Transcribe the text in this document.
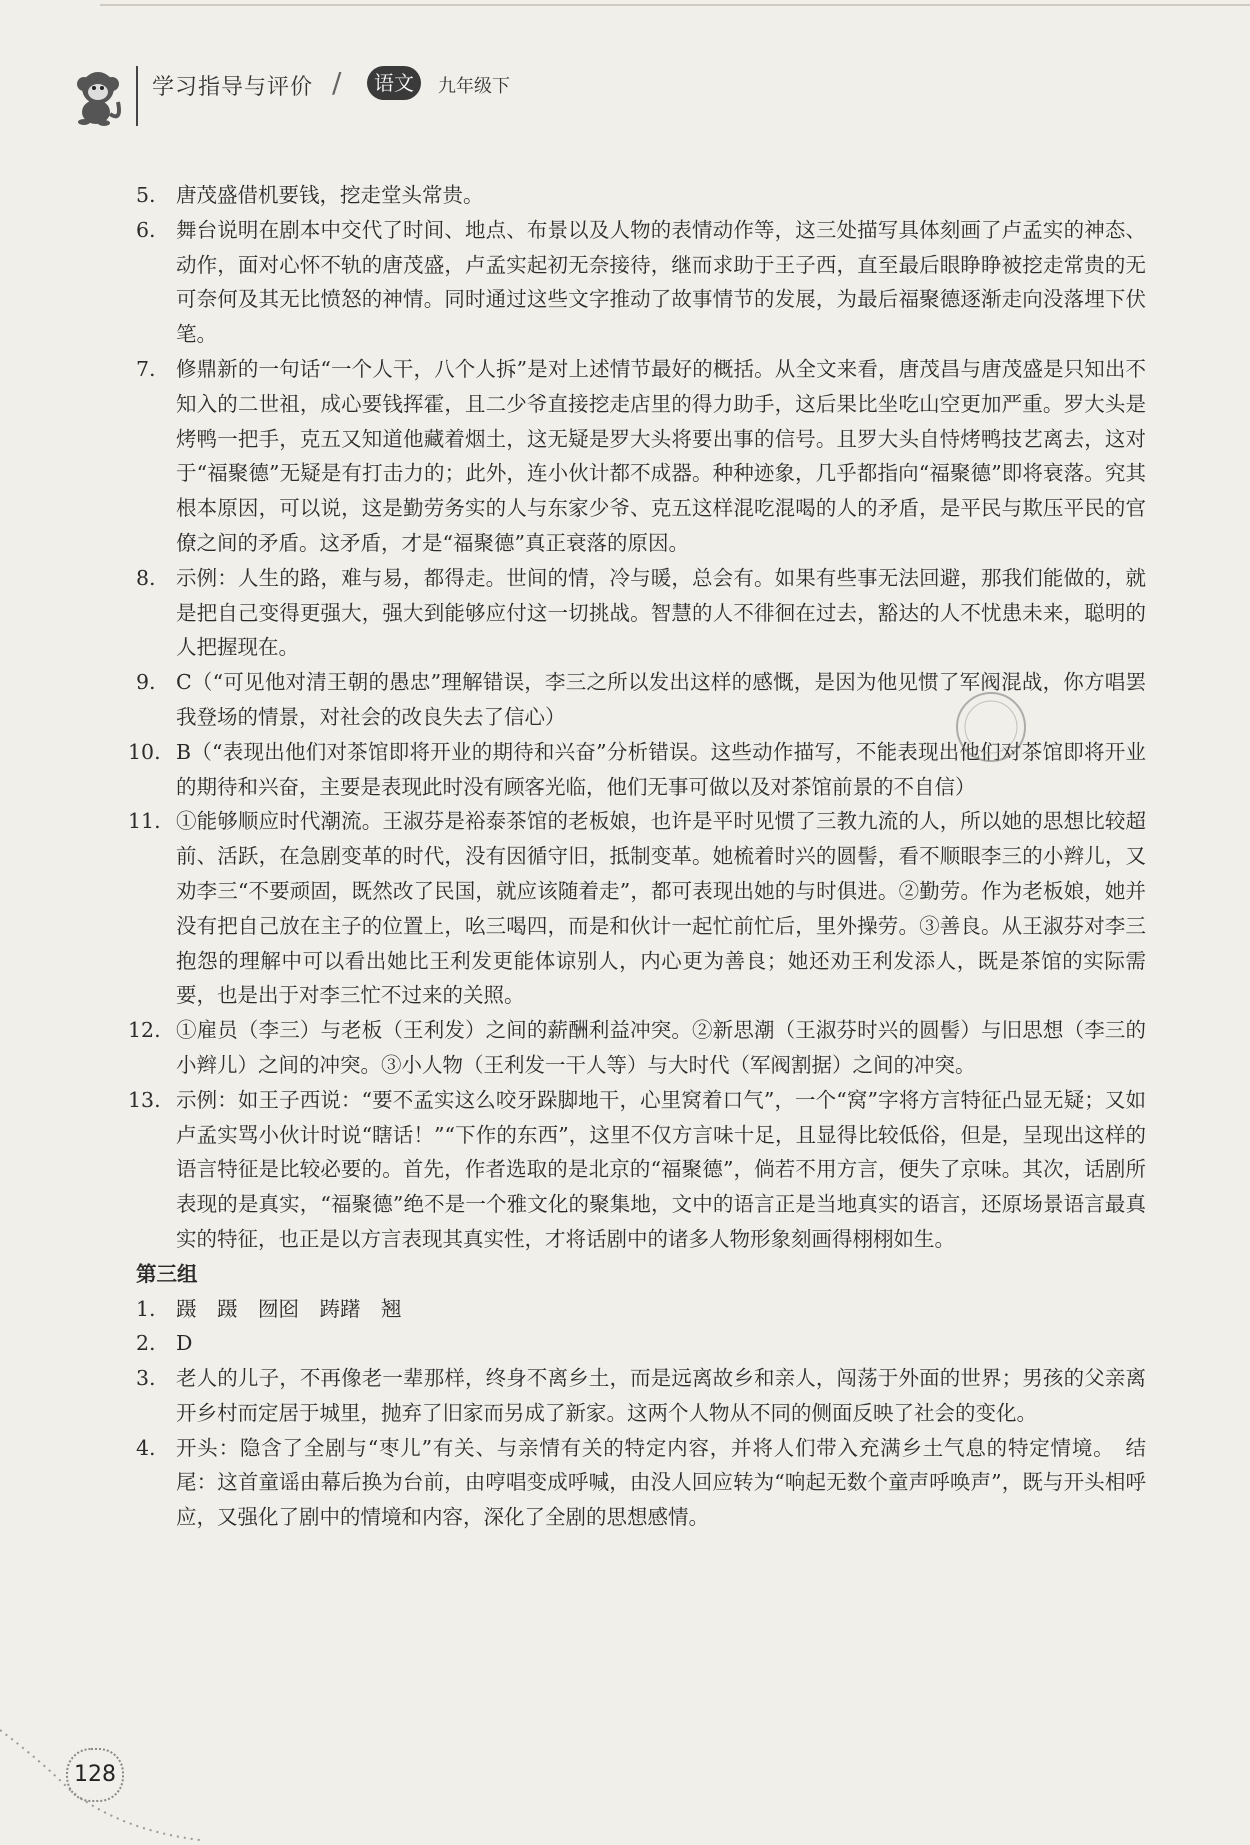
学习指导与评价 /	语文	九年级下

5. 唐茂盛借机要钱，挖走堂头常贵。

6. 舞台说明在剧本中交代了时间、地点、布景以及人物的表情动作等，这三处描写具体刻画了卢孟实的神态、动作，面对心怀不轨的唐茂盛，卢孟实起初无奈接待，继而求助于王子西，直至最后眼睁睁被挖走常贵的无可奈何及其无比愤怒的神情。同时通过这些文字推动了故事情节的发展，为最后福聚德逐渐走向没落埋下伏笔。

7. 修鼎新的一句话“一个人干，八个人拆”是对上述情节最好的概括。从全文来看，唐茂昌与唐茂盛是只知出不知入的二世祖，成心要钱挥霍，且二少爷直接挖走店里的得力助手，这后果比坐吃山空更加严重。罗大头是烤鸭一把手，克五又知道他藏着烟土，这无疑是罗大头将要出事的信号。且罗大头自恃烤鸭技艺离去，这对于“福聚德”无疑是有打击力的；此外，连小伙计都不成器。种种迹象，几乎都指向“福聚德”即将衰落。究其根本原因，可以说，这是勤劳务实的人与东家少爷、克五这样混吃混喝的人的矛盾，是平民与欺压平民的官僚之间的矛盾。这矛盾，才是“福聚德”真正衰落的原因。

8. 示例：人生的路，难与易，都得走。世间的情，冷与暖，总会有。如果有些事无法回避，那我们能做的，就是把自己变得更强大，强大到能够应付这一切挑战。智慧的人不徘徊在过去，豁达的人不忧患未来，聪明的人把握现在。

9. C（“可见他对清王朝的愚忠”理解错误，李三之所以发出这样的感慨，是因为他见惯了军阀混战，你方唱罢我登场的情景，对社会的改良失去了信心）

10. B（“表现出他们对茶馆即将开业的期待和兴奋”分析错误。这些动作描写，不能表现出他们对茶馆即将开业的期待和兴奋，主要是表现此时没有顾客光临，他们无事可做以及对茶馆前景的不自信）

11. ①能够顺应时代潮流。王淑芬是裕泰茶馆的老板娘，也许是平时见惯了三教九流的人，所以她的思想比较超前、活跃，在急剧变革的时代，没有因循守旧，抵制变革。她梳着时兴的圆髻，看不顺眼李三的小辫儿，又劝李三“不要顽固，既然改了民国，就应该随着走”，都可表现出她的与时俱进。②勤劳。作为老板娘，她并没有把自己放在主子的位置上，吆三喝四，而是和伙计一起忙前忙后，里外操劳。③善良。从王淑芬对李三抱怨的理解中可以看出她比王利发更能体谅别人，内心更为善良；她还劝王利发添人，既是茶馆的实际需要，也是出于对李三忙不过来的关照。

12. ①雇员（李三）与老板（王利发）之间的薪酬利益冲突。②新思潮（王淑芬时兴的圆髻）与旧思想（李三的小辫儿）之间的冲突。③小人物（王利发一干人等）与大时代（军阀割据）之间的冲突。

13. 示例：如王子西说：“要不孟实这么咬牙跺脚地干，心里窝着口气”，一个“窝”字将方言特征凸显无疑；又如卢孟实骂小伙计时说“瞎话！”“下作的东西”，这里不仅方言味十足，且显得比较低俗，但是，呈现出这样的语言特征是比较必要的。首先，作者选取的是北京的“福聚德”，倘若不用方言，便失了京味。其次，话剧所表现的是真实，“福聚德”绝不是一个雅文化的聚集地，文中的语言正是当地真实的语言，还原场景语言最真实的特征，也正是以方言表现其真实性，才将话剧中的诸多人物形象刻画得栩栩如生。

第三组

1. 蹑　蹑　囫囵　踌躇　翘

2. D

3. 老人的儿子，不再像老一辈那样，终身不离乡土，而是远离故乡和亲人，闯荡于外面的世界；男孩的父亲离开乡村而定居于城里，抛弃了旧家而另成了新家。这两个人物从不同的侧面反映了社会的变化。

4. 开头：隐含了全剧与“枣儿”有关、与亲情有关的特定内容，并将人们带入充满乡土气息的特定情境。　结尾：这首童谣由幕后换为台前，由哼唱变成呼喊，由没人回应转为“响起无数个童声呼唤声”，既与开头相呼应，又强化了剧中的情境和内容，深化了全剧的思想感情。

128
